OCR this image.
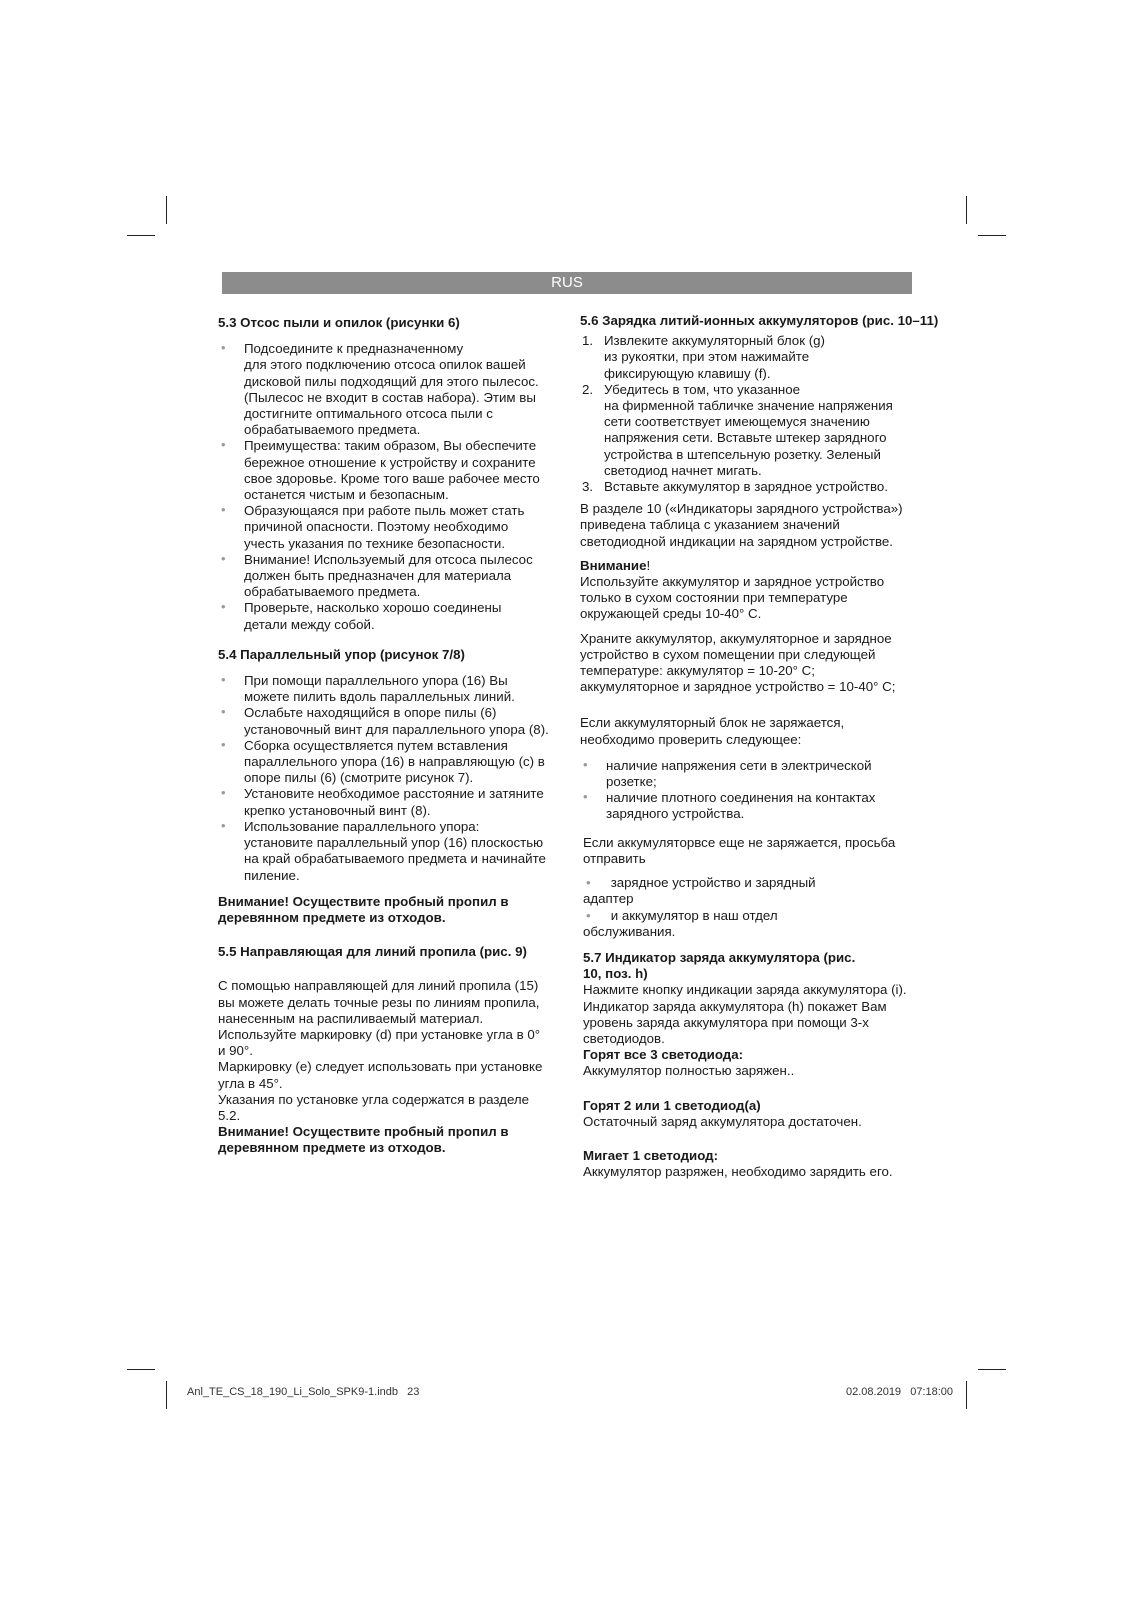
RUS

5.3 Отсос пыли и опилок (рисунки 6)

• Подсоедините к предназначенному
для этого подключению отсоса опилок вашей
дисковой пилы подходящий для этого пылесос.
(Пылесос не входит в состав набора). Этим вы
достигните оптимального отсоса пыли с
обрабатываемого предмета.
• Преимущества: таким образом, Вы обеспечите
бережное отношение к устройству и сохраните
свое здоровье. Кроме того ваше рабочее место
останется чистым и безопасным.
• Образующаяся при работе пыль может стать
причиной опасности. Поэтому необходимо
учесть указания по технике безопасности.
• Внимание! Используемый для отсоса пылесос
должен быть предназначен для материала
обрабатываемого предмета.
• Проверьте, насколько хорошо соединены
детали между собой.

5.4 Параллельный упор (рисунок 7/8)

• При помощи параллельного упора (16) Вы
можете пилить вдоль параллельных линий.
• Ослабьте находящийся в опоре пилы (6)
установочный винт для параллельного упора (8).
• Сборка осуществляется путем вставления
параллельного упора (16) в направляющую (с) в
опоре пилы (6) (смотрите рисунок 7).
• Установите необходимое расстояние и затяните
крепко установочный винт (8).
• Использование параллельного упора:
установите параллельный упор (16) плоскостью
на край обрабатываемого предмета и начинайте
пиление.

Внимание! Осуществите пробный пропил в
деревянном предмете из отходов.

5.5 Направляющая для линий пропила (рис. 9)

С помощью направляющей для линий пропила (15)
вы можете делать точные резы по линиям пропила,
нанесенным на распиливаемый материал.
Используйте маркировку (d) при установке угла в 0°
и 90°.
Маркировку (e) следует использовать при установке
угла в 45°.
Указания по установке угла содержатся в разделе
5.2.

Внимание! Осуществите пробный пропил в
деревянном предмете из отходов.

5.6 Зарядка литий-ионных аккумуляторов (рис. 10–11)

1. Извлеките аккумуляторный блок (g)
из рукоятки, при этом нажимайте
фиксирующую клавишу (f).
2. Убедитесь в том, что указанное
на фирменной табличке значение напряжения
сети соответствует имеющемуся значению
напряжения сети. Вставьте штекер зарядного
устройства в штепсельную розетку. Зеленый
светодиод начнет мигать.
3. Вставьте аккумулятор в зарядное устройство.

В разделе 10 («Индикаторы зарядного устройства»)
приведена таблица с указанием значений
светодиодной индикации на зарядном устройстве.

Внимание!

Используйте аккумулятор и зарядное устройство
только в сухом состоянии при температуре
окружающей среды 10-40° C.

Храните аккумулятор, аккумуляторное и зарядное
устройство в сухом помещении при следующей
температуре: аккумулятор = 10-20° C;
аккумуляторное и зарядное устройство = 10-40° C;

Если аккумуляторный блок не заряжается,
необходимо проверить следующее:

• наличие напряжения сети в электрической
розетке;
• наличие плотного соединения на контактах
зарядного устройства.

Если аккумуляторвсе еще не заряжается, просьба
отправить

• зарядное устройство и зарядный
адаптер

• и аккумулятор в наш отдел
обслуживания.

5.7 Индикатор заряда аккумулятора (рис.
10, поз. h)

Нажмите кнопку индикации заряда аккумулятора (i).
Индикатор заряда аккумулятора (h) покажет Вам
уровень заряда аккумулятора при помощи 3-х
светодиодов.

Горят все 3 светодиода:

Аккумулятор полностью заряжен..

Горят 2 или 1 светодиод(а)

Остаточный заряд аккумулятора достаточен.

Мигает 1 светодиод:

Аккумулятор разряжен, необходимо зарядить его.

Anl_TE_CS_18_190_Li_Solo_SPK9-1.indb   23	02.08.2019   07:18:00
